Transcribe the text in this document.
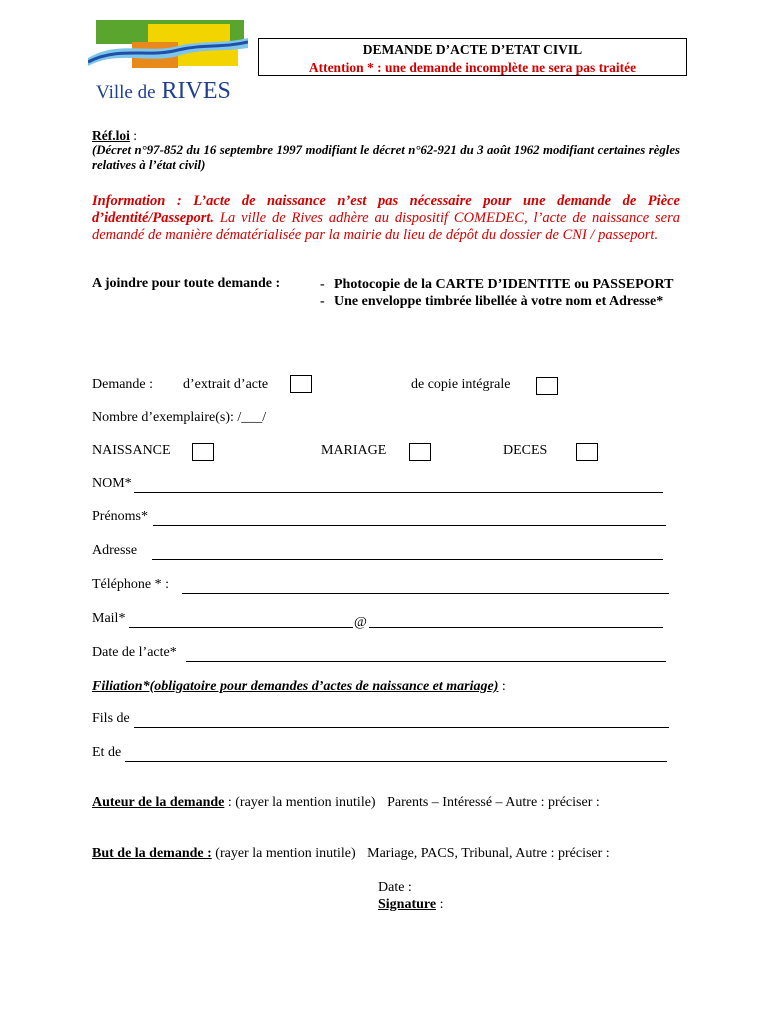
Ville de RIVES
DEMANDE D’ACTE D’ETAT CIVIL
Attention * : une demande incomplète ne sera pas traitée
Réf.loi :
(Décret n°97-852 du 16 septembre 1997 modifiant le décret n°62-921 du 3 août 1962 modifiant certaines règles relatives à l’état civil)
Information : L’acte de naissance n’est pas nécessaire pour une demande de Pièce d’identité/Passeport. La ville de Rives adhère au dispositif COMEDEC, l’acte de naissance sera demandé de manière dématérialisée par la mairie du lieu de dépôt du dossier de CNI / passeport.
A joindre pour toute demande :	- Photocopie de la CARTE D’IDENTITE ou PASSEPORT
- Une enveloppe timbrée libellée à votre nom et Adresse*
Demande : d’extrait d’acte	de copie intégrale
Nombre d’exemplaire(s): /___/
NAISSANCE	MARIAGE	DECES
NOM*
Prénoms*
Adresse
Téléphone * :
Mail*	@
Date de l’acte*
Filiation*(obligatoire pour demandes d’actes de naissance et mariage) :
Fils de
Et de
Auteur de la demande : (rayer la mention inutile) Parents – Intéressé – Autre : préciser :
But de la demande : (rayer la mention inutile) Mariage, PACS, Tribunal, Autre : préciser :
Date :
Signature :
